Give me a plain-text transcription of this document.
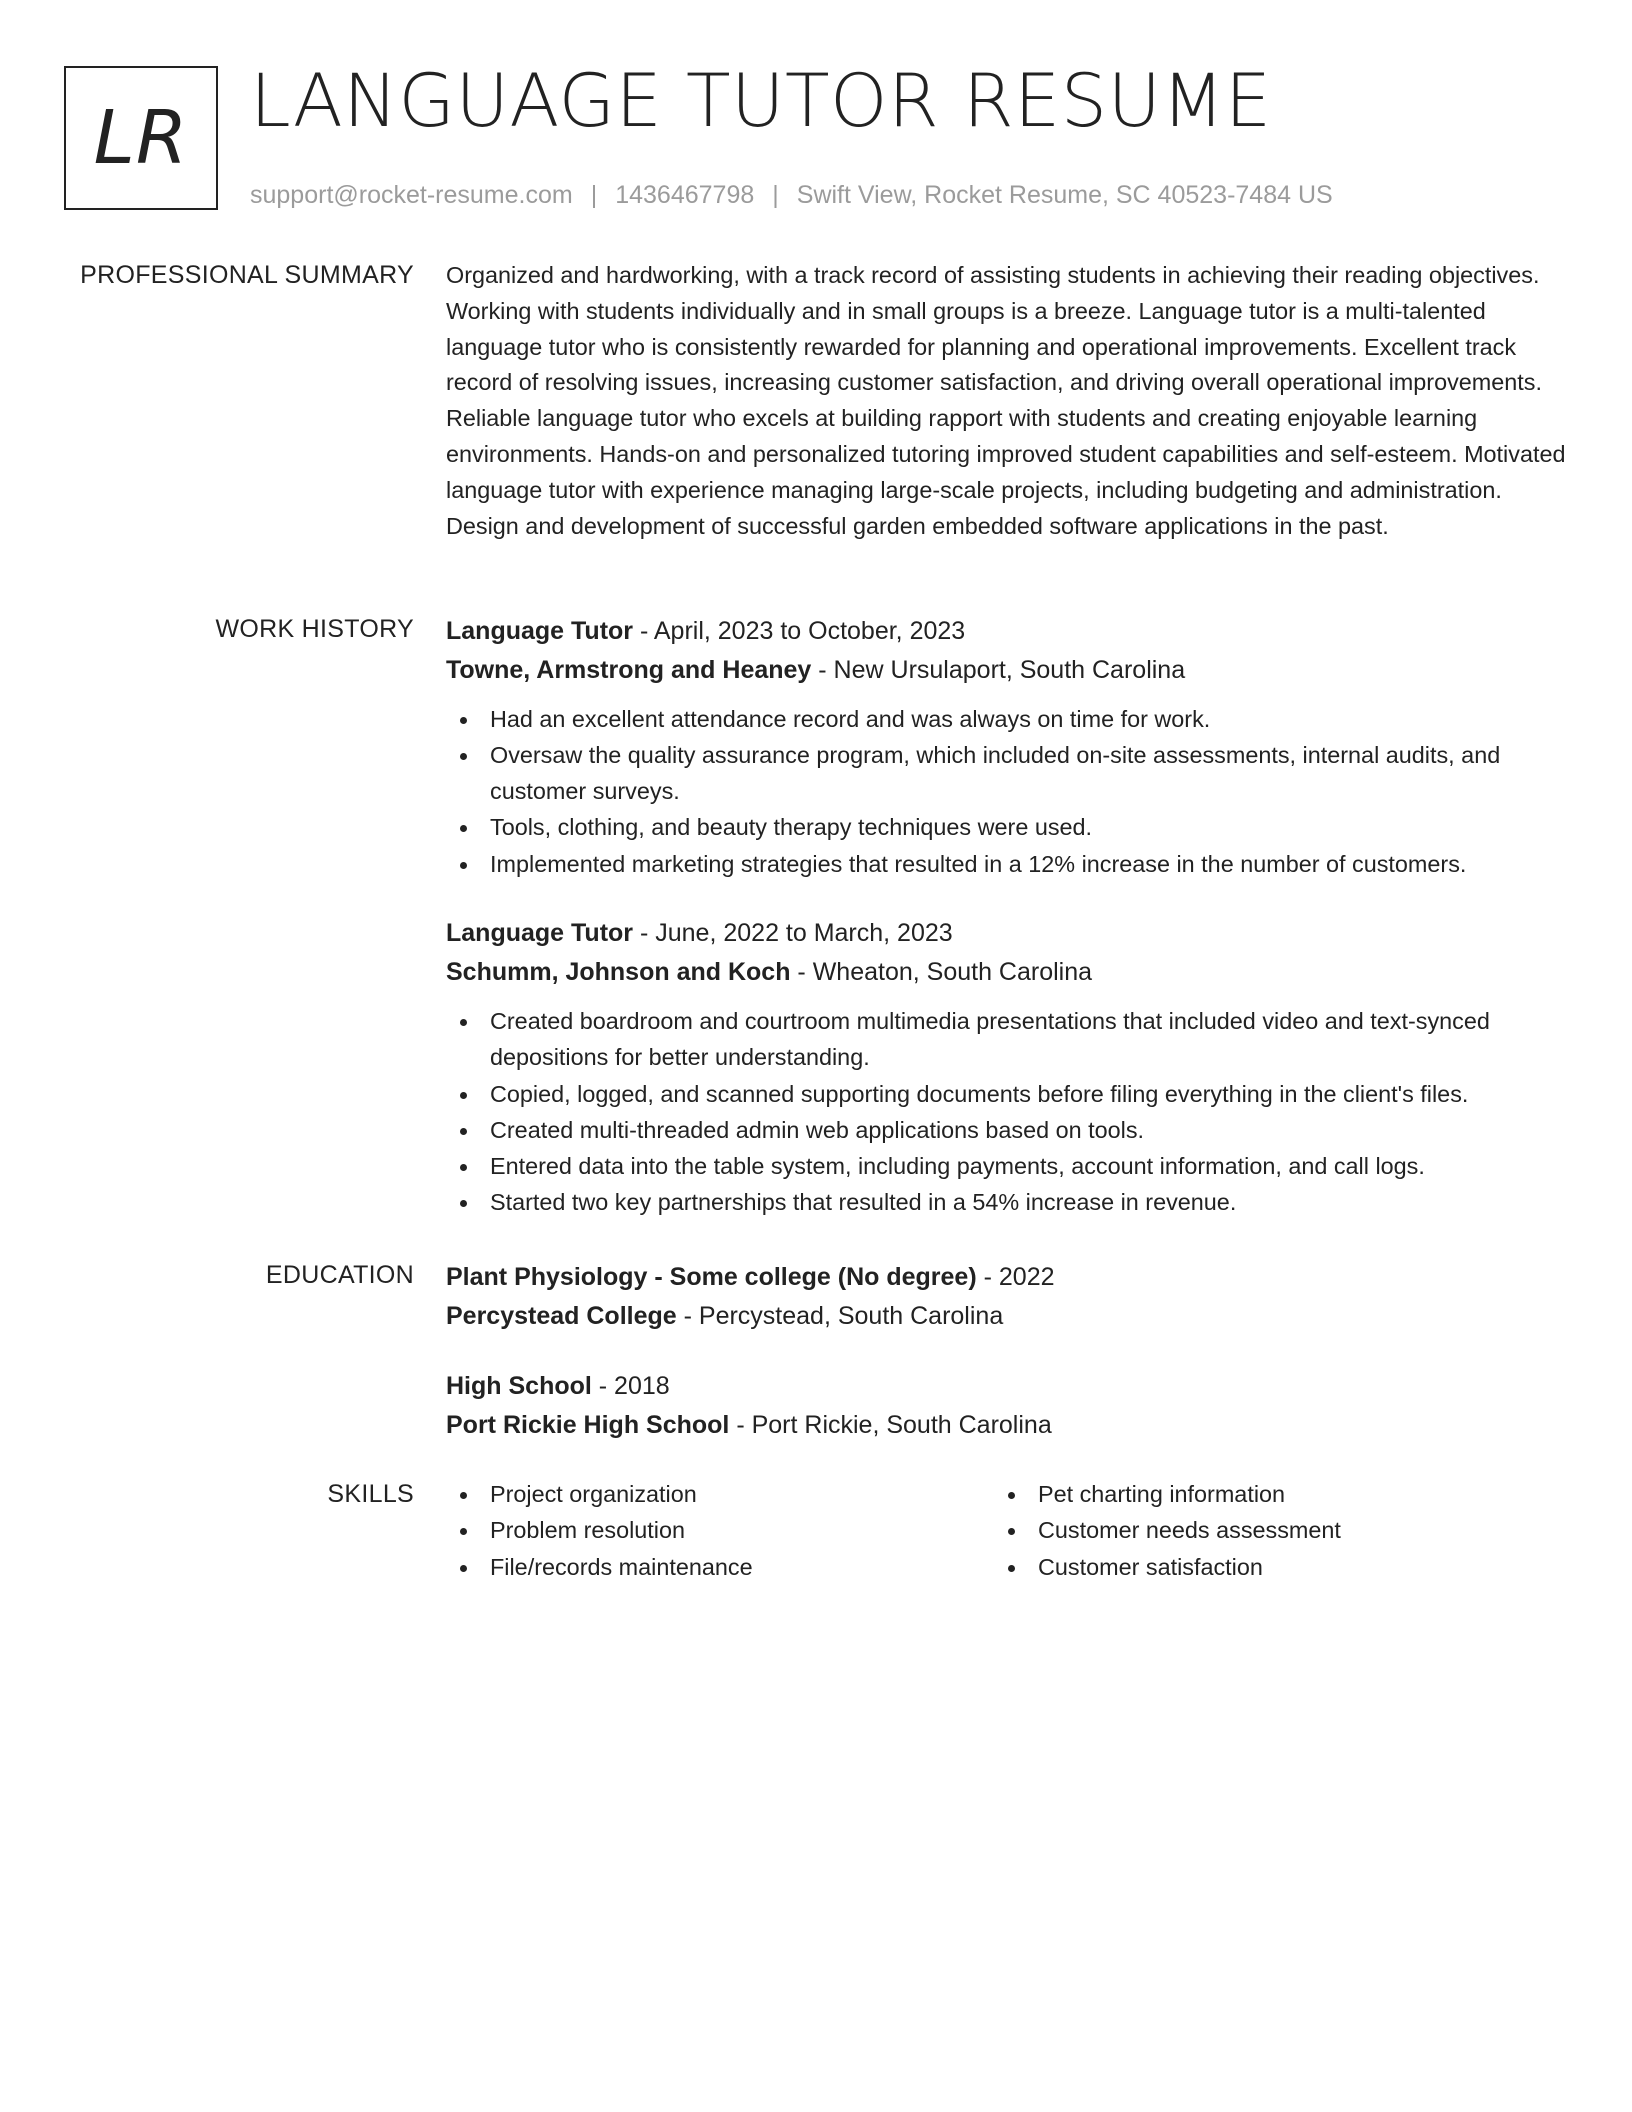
LR LANGUAGE TUTOR RESUME
support@rocket-resume.com | 1436467798 | Swift View, Rocket Resume, SC 40523-7484 US
PROFESSIONAL SUMMARY Organized and hardworking, with a track record of assisting students in achieving their reading objectives. Working with students individually and in small groups is a breeze. Language tutor is a multi-talented language tutor who is consistently rewarded for planning and operational improvements. Excellent track record of resolving issues, increasing customer satisfaction, and driving overall operational improvements. Reliable language tutor who excels at building rapport with students and creating enjoyable learning environments. Hands-on and personalized tutoring improved student capabilities and self-esteem. Motivated language tutor with experience managing large-scale projects, including budgeting and administration. Design and development of successful garden embedded software applications in the past.

WORK HISTORY Language Tutor - April, 2023 to October, 2023
Towne, Armstrong and Heaney - New Ursulaport, South Carolina
Had an excellent attendance record and was always on time for work.
Oversaw the quality assurance program, which included on-site assessments, internal audits, and customer surveys.
Tools, clothing, and beauty therapy techniques were used.
Implemented marketing strategies that resulted in a 12% increase in the number of customers.
Language Tutor - June, 2022 to March, 2023
Schumm, Johnson and Koch - Wheaton, South Carolina
Created boardroom and courtroom multimedia presentations that included video and text-synced depositions for better understanding.
Copied, logged, and scanned supporting documents before filing everything in the client's files.
Created multi-threaded admin web applications based on tools.
Entered data into the table system, including payments, account information, and call logs.
Started two key partnerships that resulted in a 54% increase in revenue.
EDUCATION Plant Physiology - Some college (No degree) - 2022
Percystead College - Percystead, South Carolina
High School - 2018
Port Rickie High School - Port Rickie, South Carolina
SKILLS	Project organization
Problem resolution
File/records maintenance
Pet charting information
Customer needs assessment
Customer satisfaction
